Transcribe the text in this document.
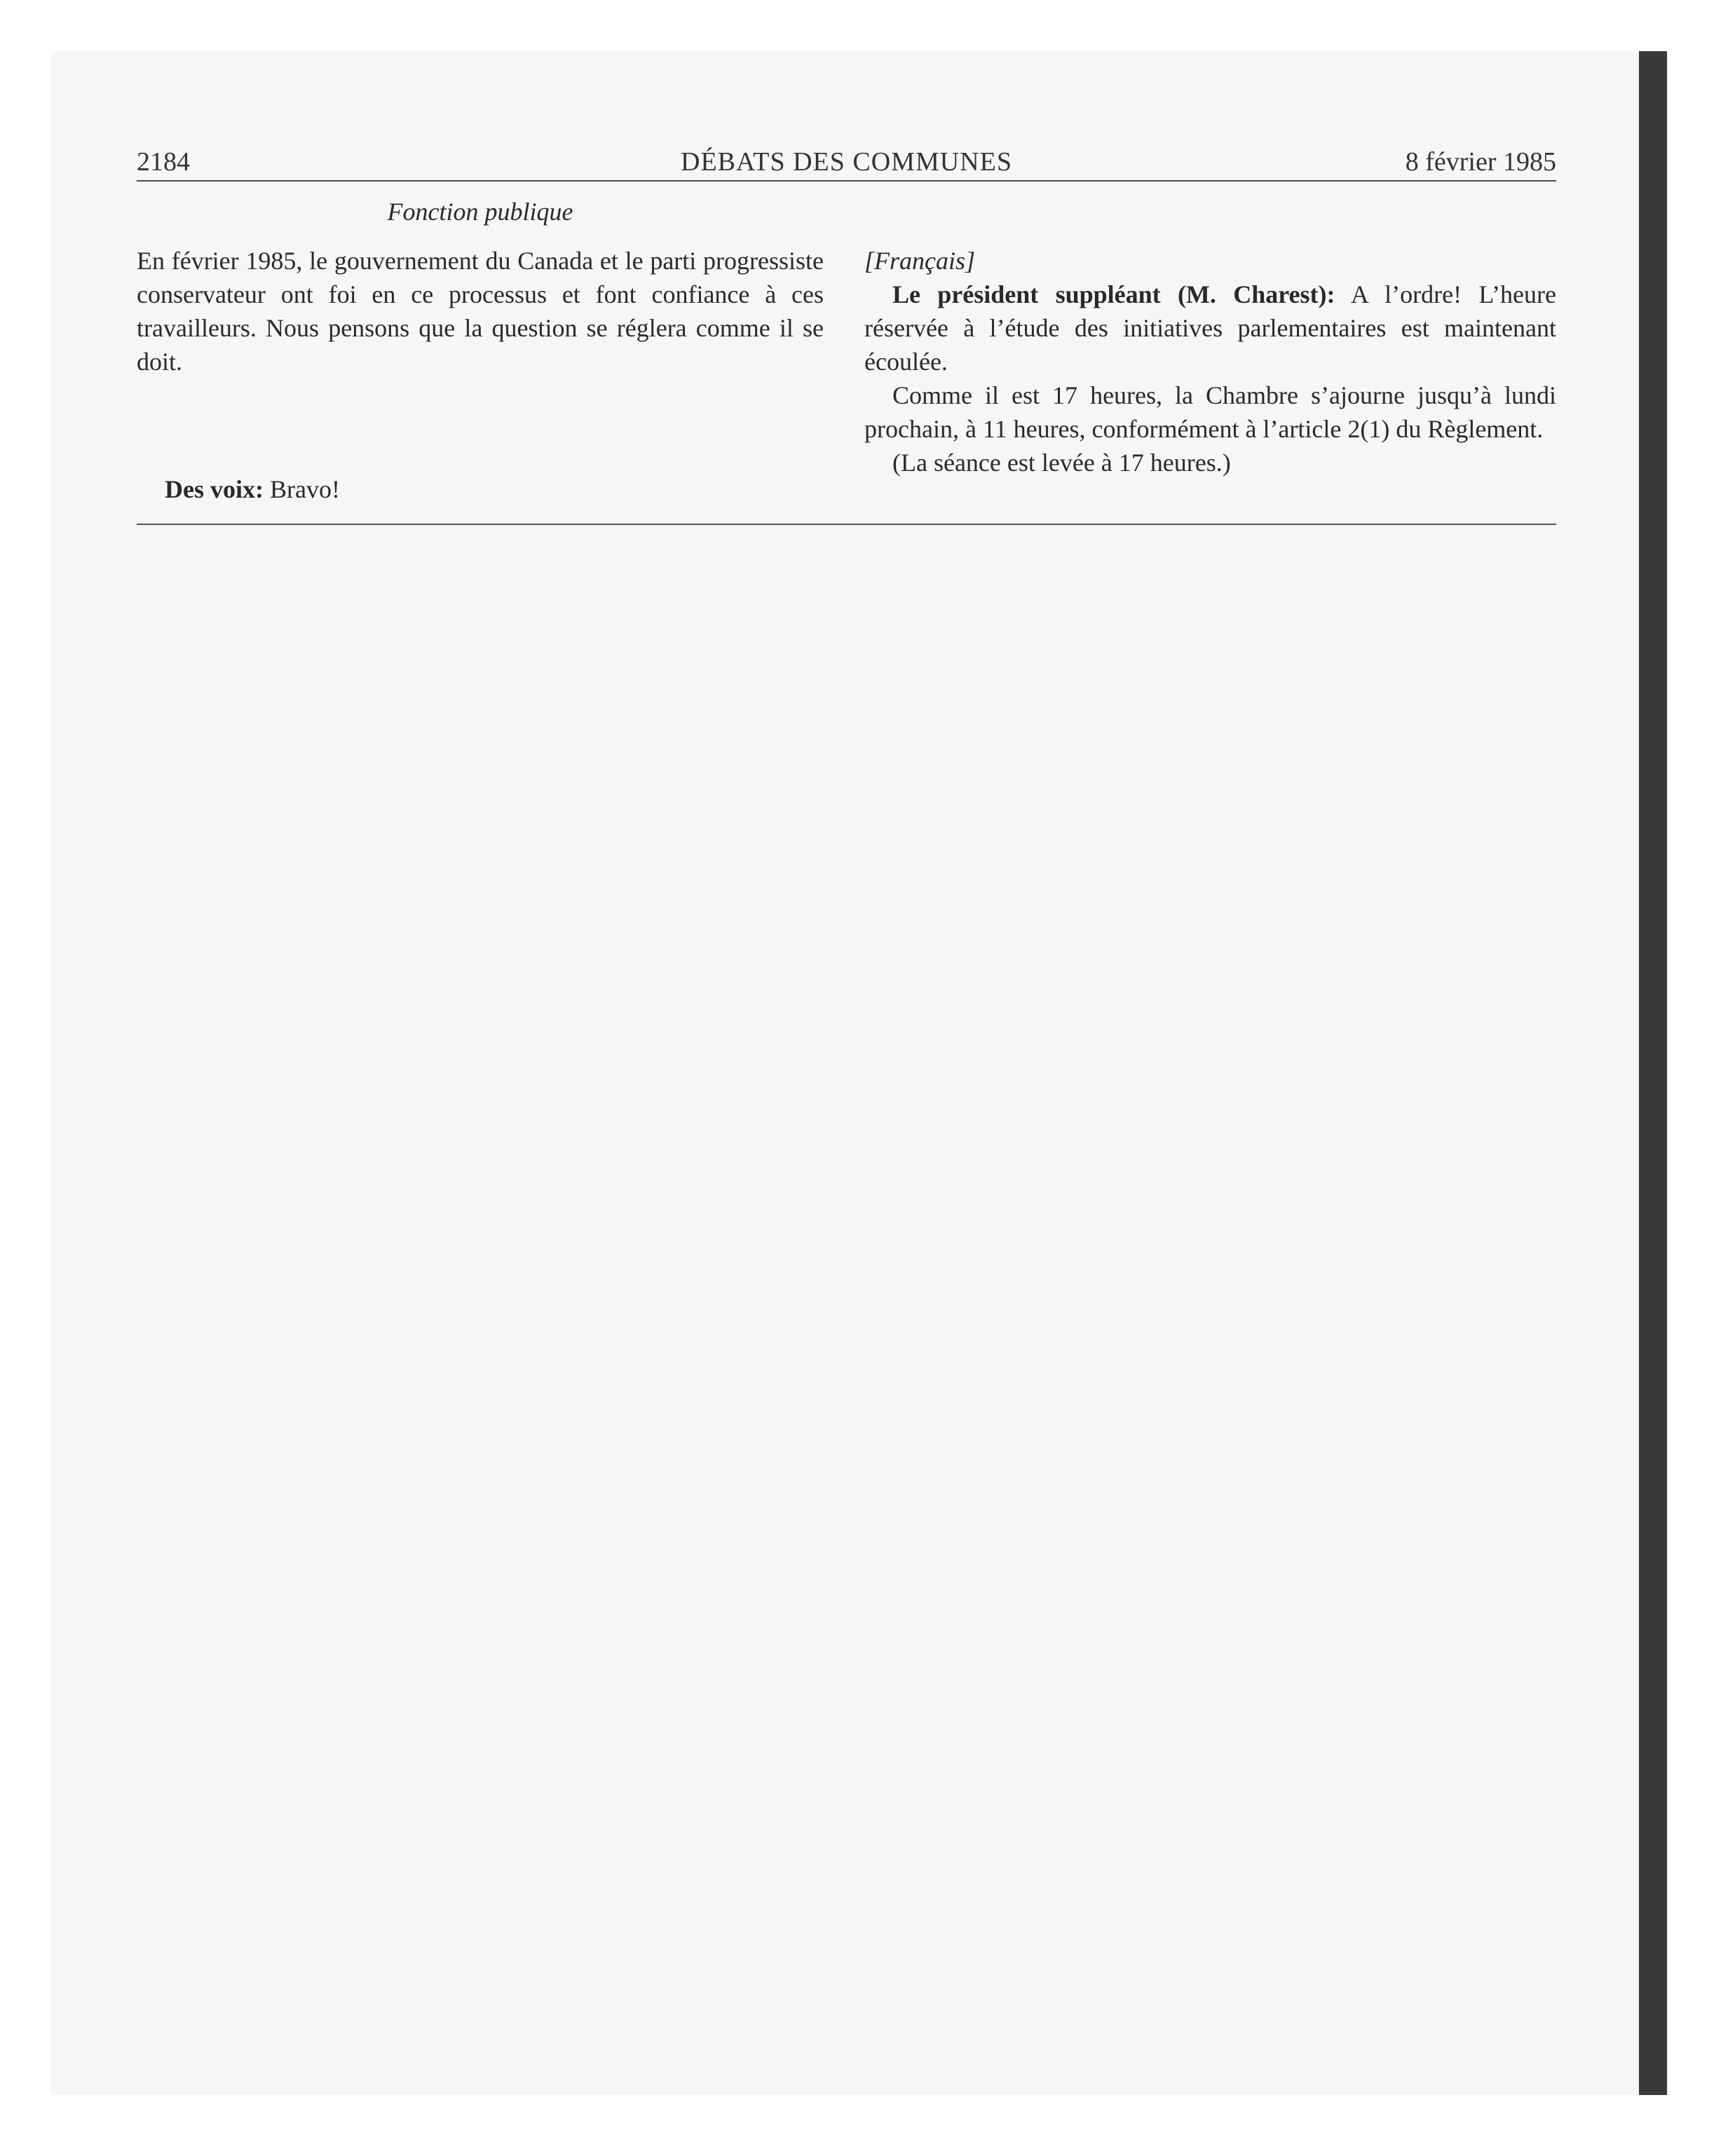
2184	DÉBATS DES COMMUNES	8 février 1985

Fonction publique

En février 1985, le gouvernement du Canada et le parti progressiste conservateur ont foi en ce processus et font confiance à ces travailleurs. Nous pensons que la question se réglera comme il se doit.

Des voix: Bravo!

[Français]

Le président suppléant (M. Charest): A l’ordre! L’heure réservée à l’étude des initiatives parlementaires est maintenant écoulée.

Comme il est 17 heures, la Chambre s’ajourne jusqu’à lundi prochain, à 11 heures, conformément à l’article 2(1) du Règlement.

(La séance est levée à 17 heures.)
